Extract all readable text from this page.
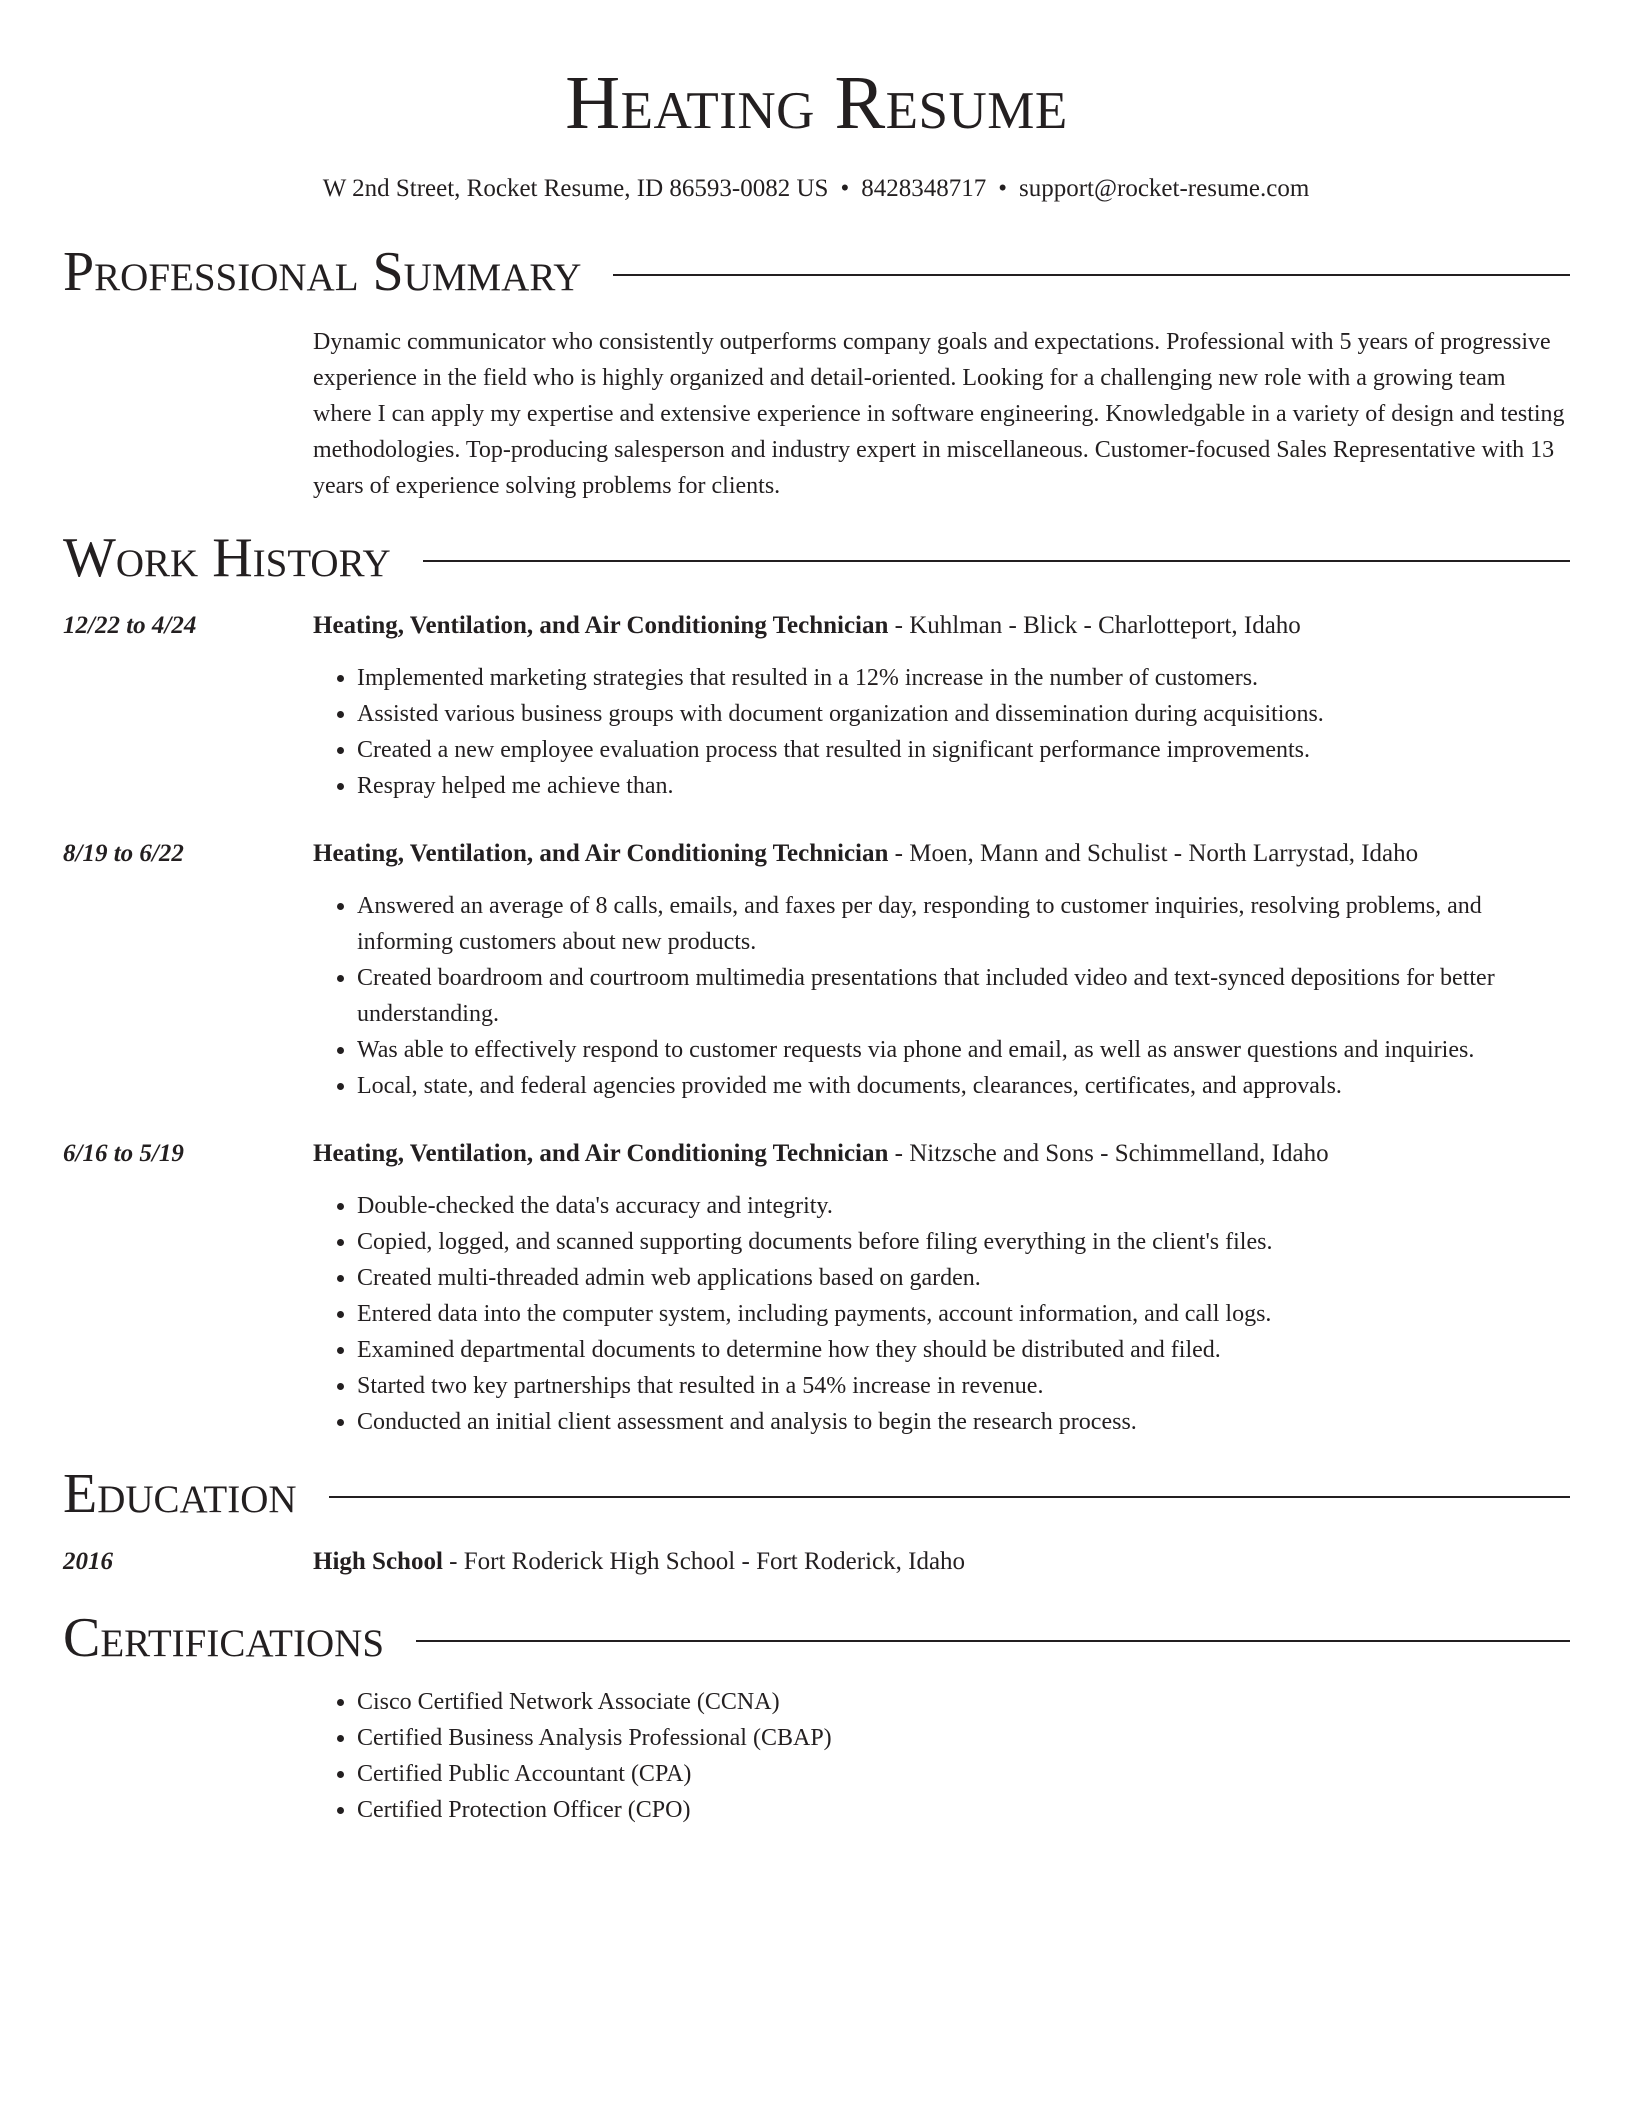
Heating Resume
W 2nd Street, Rocket Resume, ID 86593-0082 US • 8428348717 • support@rocket-resume.com
Professional Summary
Dynamic communicator who consistently outperforms company goals and expectations. Professional with 5 years of progressive experience in the field who is highly organized and detail-oriented. Looking for a challenging new role with a growing team where I can apply my expertise and extensive experience in software engineering. Knowledgable in a variety of design and testing methodologies. Top-producing salesperson and industry expert in miscellaneous. Customer-focused Sales Representative with 13 years of experience solving problems for clients.
Work History
12/22 to 4/24	Heating, Ventilation, and Air Conditioning Technician - Kuhlman - Blick - Charlotteport, Idaho
• Implemented marketing strategies that resulted in a 12% increase in the number of customers.
• Assisted various business groups with document organization and dissemination during acquisitions.
• Created a new employee evaluation process that resulted in significant performance improvements.
• Respray helped me achieve than.
8/19 to 6/22	Heating, Ventilation, and Air Conditioning Technician - Moen, Mann and Schulist - North Larrystad, Idaho
• Answered an average of 8 calls, emails, and faxes per day, responding to customer inquiries, resolving problems, and informing customers about new products.
• Created boardroom and courtroom multimedia presentations that included video and text-synced depositions for better understanding.
• Was able to effectively respond to customer requests via phone and email, as well as answer questions and inquiries.
• Local, state, and federal agencies provided me with documents, clearances, certificates, and approvals.
6/16 to 5/19	Heating, Ventilation, and Air Conditioning Technician - Nitzsche and Sons - Schimmelland, Idaho
• Double-checked the data's accuracy and integrity.
• Copied, logged, and scanned supporting documents before filing everything in the client's files.
• Created multi-threaded admin web applications based on garden.
• Entered data into the computer system, including payments, account information, and call logs.
• Examined departmental documents to determine how they should be distributed and filed.
• Started two key partnerships that resulted in a 54% increase in revenue.
• Conducted an initial client assessment and analysis to begin the research process.
Education
2016	High School - Fort Roderick High School - Fort Roderick, Idaho
Certifications
• Cisco Certified Network Associate (CCNA)
• Certified Business Analysis Professional (CBAP)
• Certified Public Accountant (CPA)
• Certified Protection Officer (CPO)
